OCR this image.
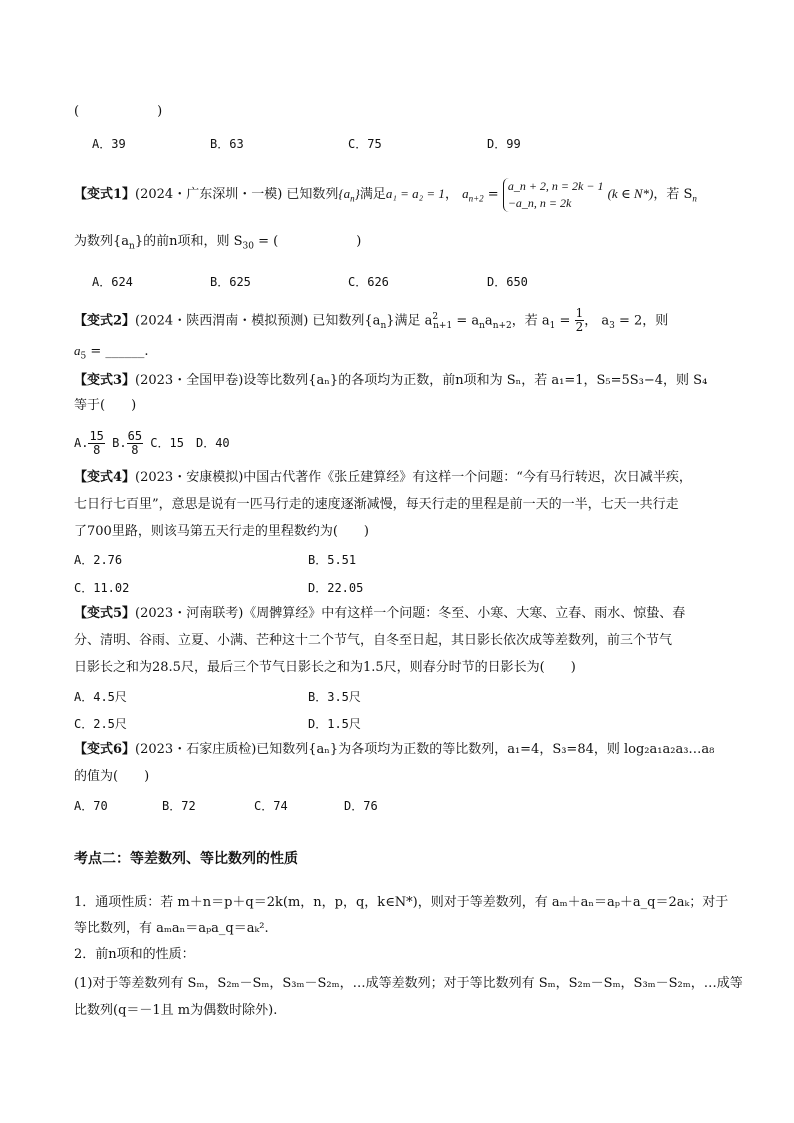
(　　　　　　)
A．39	B．63	C．75	D．99
【变式1】(2024・广东深圳・一模) 已知数列$\{a_n\}$满足a₁ = a₂ = 1， $a_{n+2}$ =
a_n + 2, n = 2k − 1
−a_n, n = 2k
(k ∈ N*)，若 $S_n$
为数列$\{a_n\}$的前n项和，则 $S_{30}$ = (　　　　　　)
A．624	B．625	C．626	D．650
【变式2】(2024・陕西渭南・模拟预测) 已知数列$\{a_n\}$满足 $a^2_{n+1} = a_na_{n+2}$，若 $a_1 = \frac{1}{2}$ ， $a_3 = 2$，则
$a_5$ = ______.
【变式3】(2023・全国甲卷)设等比数列{aₙ}的各项均为正数，前n项和为 Sₙ，若 a₁=1，S₅=5S₃−4，则 S₄
等于(　　)
A. $\frac{15}{8} B$. $\frac{65}{8}$ C．15　 D．40
【变式4】(2023・安康模拟)中国古代著作《张丘建算经》有这样一个问题：“今有马行转迟，次日减半疾，
七日行七百里”，意思是说有一匹马行走的速度逐渐减慢，每天行走的里程是前一天的一半，七天一共行走
了700里路，则该马第五天行走的里程数约为(　　)
A．2.76	B．5.51
C．11.02	D．22.05
【变式5】(2023・河南联考)《周髀算经》中有这样一个问题：冬至、小寒、大寒、立春、雨水、惊蛰、春
分、清明、谷雨、立夏、小满、芒种这十二个节气，自冬至日起，其日影长依次成等差数列，前三个节气
日影长之和为28.5尺，最后三个节气日影长之和为1.5尺，则春分时节的日影长为(　　)
A．4.5尺	B．3.5尺
C．2.5尺	D．1.5尺
【变式6】(2023・石家庄质检)已知数列{aₙ}为各项均为正数的等比数列，a₁=4，S₃=84，则 log₂a₁a₂a₃…a₈
的值为(　　)
A．70	B．72	C．74	D．76
考点二：等差数列、等比数列的性质
1．通项性质：若 m＋n＝p＋q＝2k(m，n，p，q，k∈N*)，则对于等差数列，有 aₘ＋aₙ＝aₚ＋a_q＝2aₖ；对于
等比数列，有 aₘaₙ＝aₚa_q＝aₖ².
2．前n项和的性质：
(1)对于等差数列有 Sₘ，S₂ₘ－Sₘ，S₃ₘ－S₂ₘ，…成等差数列；对于等比数列有 Sₘ，S₂ₘ－Sₘ，S₃ₘ－S₂ₘ，…成等
比数列(q＝－1且 m为偶数时除外).
